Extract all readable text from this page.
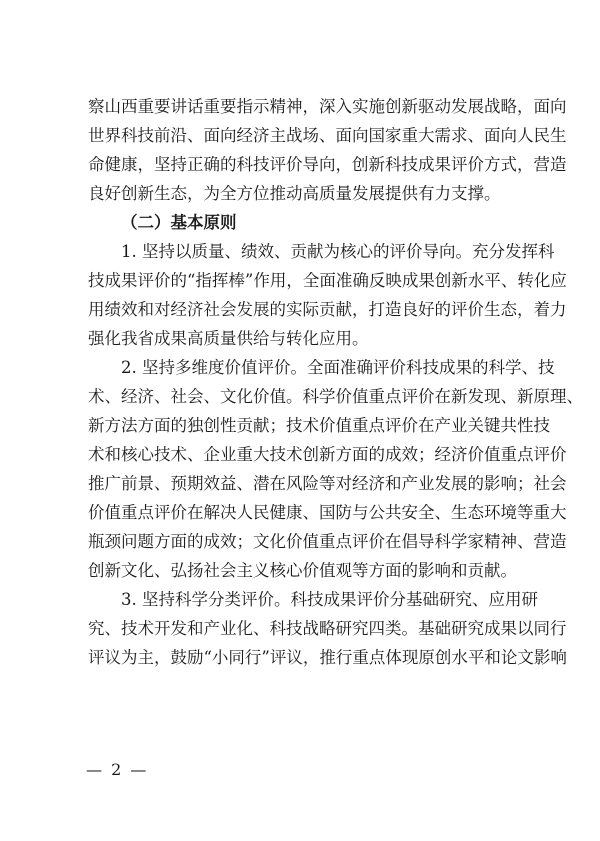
察山西重要讲话重要指示精神，深入实施创新驱动发展战略，面向
世界科技前沿、面向经济主战场、面向国家重大需求、面向人民生
命健康，坚持正确的科技评价导向，创新科技成果评价方式，营造
良好创新生态，为全方位推动高质量发展提供有力支撑。
（二）基本原则
1. 坚持以质量、绩效、贡献为核心的评价导向。充分发挥科
技成果评价的“指挥棒”作用，全面准确反映成果创新水平、转化应
用绩效和对经济社会发展的实际贡献，打造良好的评价生态，着力
强化我省成果高质量供给与转化应用。
2. 坚持多维度价值评价。全面准确评价科技成果的科学、技
术、经济、社会、文化价值。科学价值重点评价在新发现、新原理、
新方法方面的独创性贡献；技术价值重点评价在产业关键共性技
术和核心技术、企业重大技术创新方面的成效；经济价值重点评价
推广前景、预期效益、潜在风险等对经济和产业发展的影响；社会
价值重点评价在解决人民健康、国防与公共安全、生态环境等重大
瓶颈问题方面的成效；文化价值重点评价在倡导科学家精神、营造
创新文化、弘扬社会主义核心价值观等方面的影响和贡献。
3. 坚持科学分类评价。科技成果评价分基础研究、应用研
究、技术开发和产业化、科技战略研究四类。基础研究成果以同行
评议为主，鼓励“小同行”评议，推行重点体现原创水平和论文影响
— 2 —
